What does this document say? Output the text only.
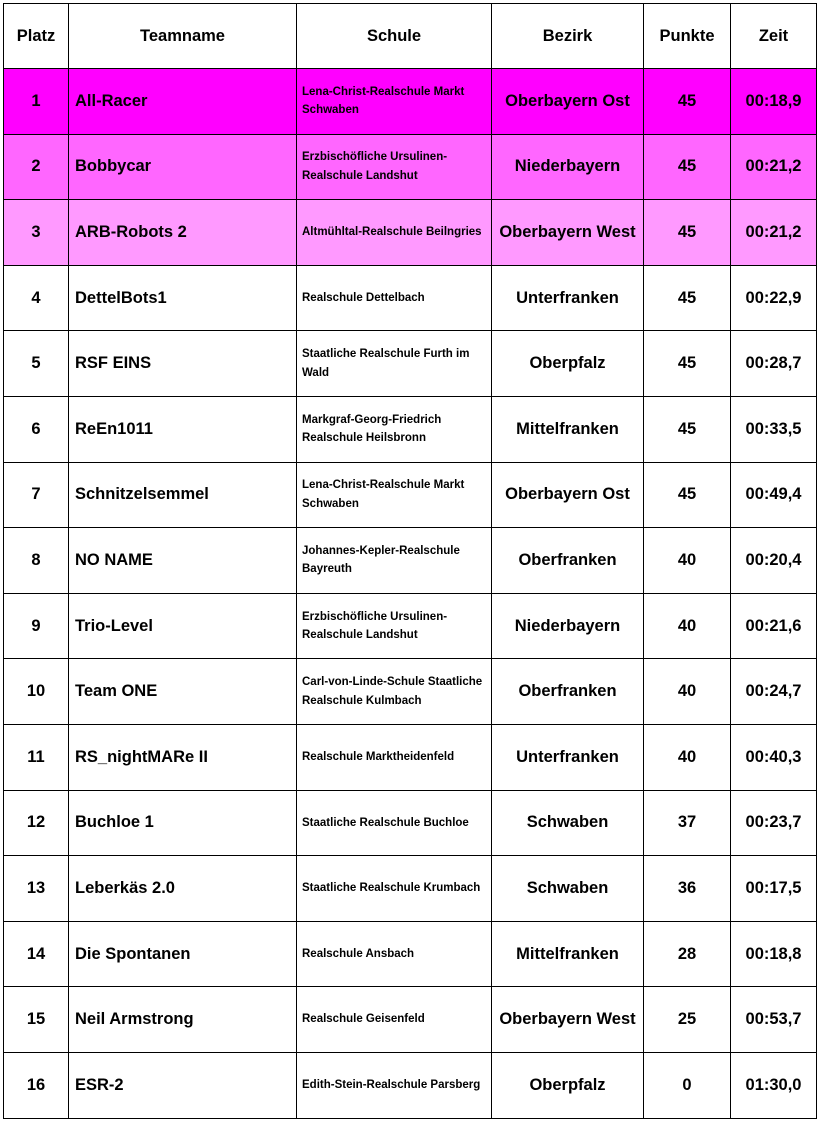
Platz	Teamname	Schule	Bezirk	Punkte	Zeit
1	All-Racer	Lena-Christ-Realschule Markt Schwaben	Oberbayern Ost	45	00:18,9
2	Bobbycar	Erzbischöfliche Ursulinen-Realschule Landshut	Niederbayern	45	00:21,2
3	ARB-Robots 2	Altmühltal-Realschule Beilngries	Oberbayern West	45	00:21,2
4	DettelBots1	Realschule Dettelbach	Unterfranken	45	00:22,9
5	RSF EINS	Staatliche Realschule Furth im Wald	Oberpfalz	45	00:28,7
6	ReEn1011	Markgraf-Georg-Friedrich Realschule Heilsbronn	Mittelfranken	45	00:33,5
7	Schnitzelsemmel	Lena-Christ-Realschule Markt Schwaben	Oberbayern Ost	45	00:49,4
8	NO NAME	Johannes-Kepler-Realschule Bayreuth	Oberfranken	40	00:20,4
9	Trio-Level	Erzbischöfliche Ursulinen-Realschule Landshut	Niederbayern	40	00:21,6
10	Team ONE	Carl-von-Linde-Schule Staatliche Realschule Kulmbach	Oberfranken	40	00:24,7
11	RS_nightMARe II	Realschule Marktheidenfeld	Unterfranken	40	00:40,3
12	Buchloe 1	Staatliche Realschule Buchloe	Schwaben	37	00:23,7
13	Leberkäs 2.0	Staatliche Realschule Krumbach	Schwaben	36	00:17,5
14	Die Spontanen	Realschule Ansbach	Mittelfranken	28	00:18,8
15	Neil Armstrong	Realschule Geisenfeld	Oberbayern West	25	00:53,7
16	ESR-2	Edith-Stein-Realschule Parsberg	Oberpfalz	0	01:30,0
